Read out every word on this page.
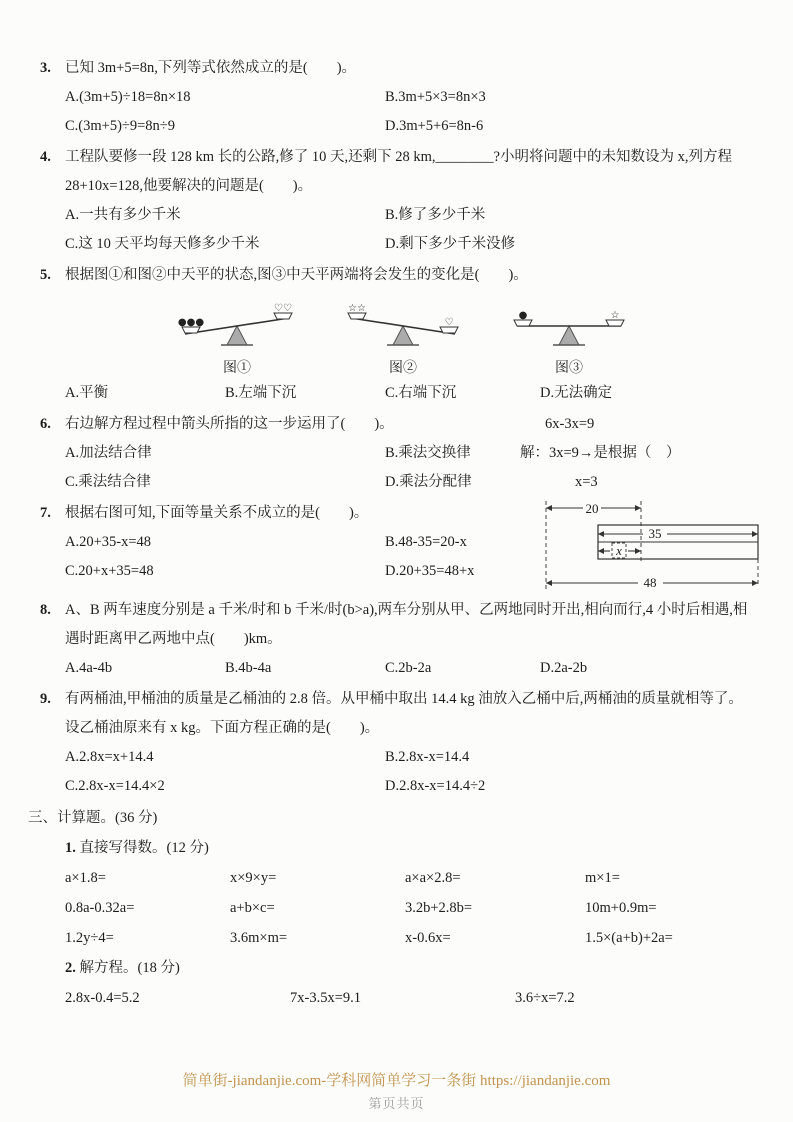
3. 已知 3m+5=8n,下列等式依然成立的是(　　)。
A.(3m+5)÷18=8n×18	B.3m+5×3=8n×3
C.(3m+5)÷9=8n÷9	D.3m+5+6=8n-6
4. 工程队要修一段 128 km 长的公路,修了 10 天,还剩下 28 km,________?小明将问题中的未知数设为 x,列方程 28+10x=128,他要解决的问题是(　　)。
A.一共有多少千米	B.修了多少千米
C.这 10 天平均每天修多少千米	D.剩下多少千米没修
5. 根据图①和图②中天平的状态,图③中天平两端将会发生的变化是(　　)。
●●●
♡♡
图①
☆☆
♡
图②
●	☆
图③
A.平衡	B.左端下沉	C.右端下沉	D.无法确定
6. 右边解方程过程中箭头所指的这一步运用了(　　)。
A.加法结合律	B.乘法交换律
C.乘法结合律	D.乘法分配律
6x-3x=9
解：3x=9→是根据（　）
x=3
7. 根据右图可知,下面等量关系不成立的是(　　)。
A.20+35-x=48	B.48-35=20-x
C.20+x+35=48	D.20+35=48+x
20
35
x
48
8. A、B 两车速度分别是 a 千米/时和 b 千米/时(b>a),两车分别从甲、乙两地同时开出,相向而行,4 小时后相遇,相遇时距离甲乙两地中点(　　)km。
A.4a-4b	B.4b-4a	C.2b-2a	D.2a-2b
9. 有两桶油,甲桶油的质量是乙桶油的 2.8 倍。从甲桶中取出 14.4 kg 油放入乙桶中后,两桶油的质量就相等了。设乙桶油原来有 x kg。下面方程正确的是(　　)。
A.2.8x=x+14.4	B.2.8x-x=14.4
C.2.8x-x=14.4×2	D.2.8x-x=14.4÷2
三、计算题。(36 分)
1. 直接写得数。(12 分)
a×1.8=	x×9×y=	a×a×2.8=	m×1=
0.8a-0.32a=	a+b×c=	3.2b+2.8b=	10m+0.9m=
1.2y÷4=	3.6m×m=	x-0.6x=	1.5×(a+b)+2a=
2. 解方程。(18 分)
2.8x-0.4=5.2	7x-3.5x=9.1	3.6÷x=7.2
简单街-jiandanjie.com-学科网简单学习一条街 https://jiandanjie.com
第页共页
